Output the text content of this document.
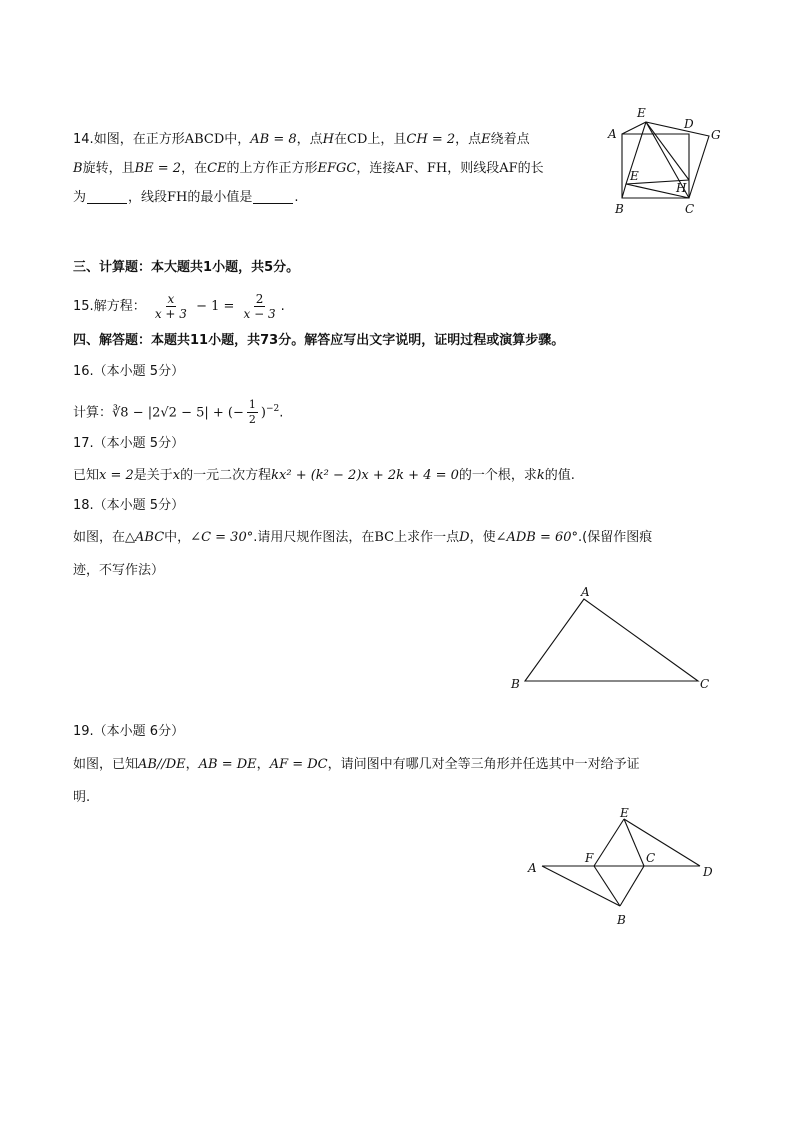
14.如图，在正方形ABCD中，AB = 8，点H在CD上，且CH = 2，点E绕着点
B旋转，且BE = 2，在CE的上方作正方形EFGC，连接AF、FH，则线段AF的长
为	，线段FH的最小值是	.
E
D
G
A
E
H
B	C
三、计算题：本大题共1小题，共5分。
15.解方程： $\frac{x}{x + 3} - 1 = \frac{2}{x - 3}$ .
四、解答题：本题共11小题，共73分。解答应写出文字说明，证明过程或演算步骤。
16.（本小题 5分）
计算：∛8 − |2√2 − 5| + (− $\frac{1}{2} )^{-2}$.
17.（本小题 5分）
已知x = 2是关于x的一元二次方程kx² + (k² − 2)x + 2k + 4 = 0的一个根，求k的值.
18.（本小题 5分）
如图，在△ABC中，∠C = 30°.请用尺规作图法，在BC上求作一点D，使∠ADB = 60°.(保留作图痕
迹，不写作法）
A
B	C
19.（本小题 6分）
如图，已知AB//DE，AB = DE，AF = DC，请问图中有哪几对全等三角形并任选其中一对给予证
明.
E
F	C
A	D
B
